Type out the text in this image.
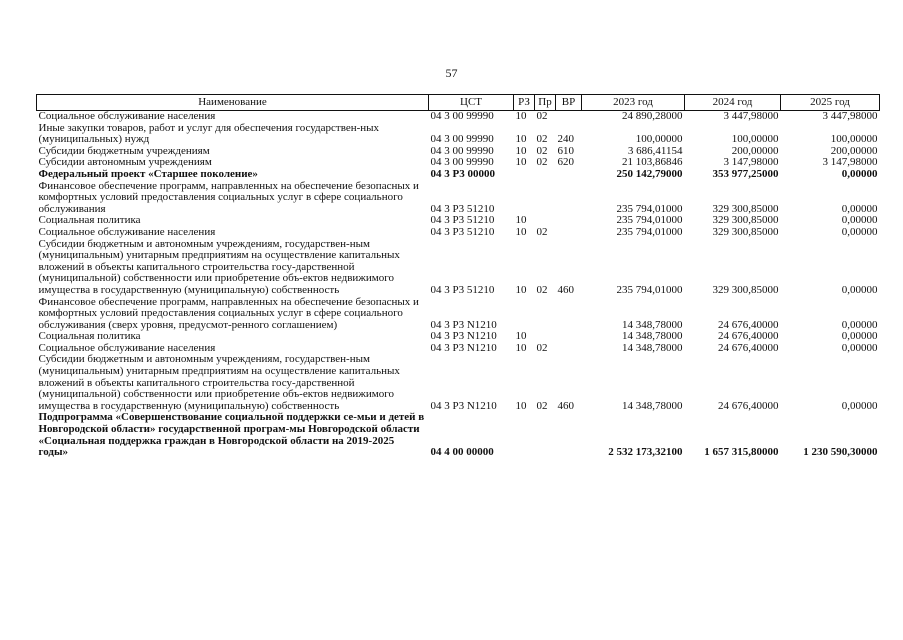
57
Наименование	ЦСТ	РЗ	Пр	ВР	2023 год	2024 год	2025 год
Социальное обслуживание населения	04 3 00 99990	10	02		24 890,28000	3 447,98000	3 447,98000
Иные закупки товаров, работ и услуг для обеспечения государствен-ных (муниципальных) нужд	04 3 00 99990	10	02	240	100,00000	100,00000	100,00000
Субсидии бюджетным учреждениям	04 3 00 99990	10	02	610	3 686,41154	200,00000	200,00000
Субсидии автономным учреждениям	04 3 00 99990	10	02	620	21 103,86846	3 147,98000	3 147,98000
Федеральный проект «Старшее поколение»	04 3 Р3 00000				250 142,79000	353 977,25000	0,00000
Финансовое обеспечение программ, направленных на обеспечение безопасных и комфортных условий предоставления социальных услуг в сфере социального обслуживания	04 3 Р3 51210				235 794,01000	329 300,85000	0,00000
Социальная политика	04 3 Р3 51210	10			235 794,01000	329 300,85000	0,00000
Социальное обслуживание населения	04 3 Р3 51210	10	02		235 794,01000	329 300,85000	0,00000
Субсидии бюджетным и автономным учреждениям, государствен-ным (муниципальным) унитарным предприятиям на осуществление капитальных вложений в объекты капитального строительства госу-дарственной (муниципальной) собственности или приобретение объ-ектов недвижимого имущества в государственную (муниципальную) собственность	04 3 Р3 51210	10	02	460	235 794,01000	329 300,85000	0,00000
Финансовое обеспечение программ, направленных на обеспечение безопасных и комфортных условий предоставления социальных услуг в сфере социального обслуживания (сверх уровня, предусмот-ренного соглашением)	04 3 Р3 N1210				14 348,78000	24 676,40000	0,00000
Социальная политика	04 3 Р3 N1210	10			14 348,78000	24 676,40000	0,00000
Социальное обслуживание населения	04 3 Р3 N1210	10	02		14 348,78000	24 676,40000	0,00000
Субсидии бюджетным и автономным учреждениям, государствен-ным (муниципальным) унитарным предприятиям на осуществление капитальных вложений в объекты капитального строительства госу-дарственной (муниципальной) собственности или приобретение объ-ектов недвижимого имущества в государственную (муниципальную) собственность	04 3 Р3 N1210	10	02	460	14 348,78000	24 676,40000	0,00000
Подпрограмма «Совершенствование социальной поддержки се-мьи и детей в Новгородской области» государственной програм-мы Новгородской области «Социальная поддержка граждан в Новгородской области на 2019-2025 годы»	04 4 00 00000				2 532 173,32100	1 657 315,80000	1 230 590,30000
